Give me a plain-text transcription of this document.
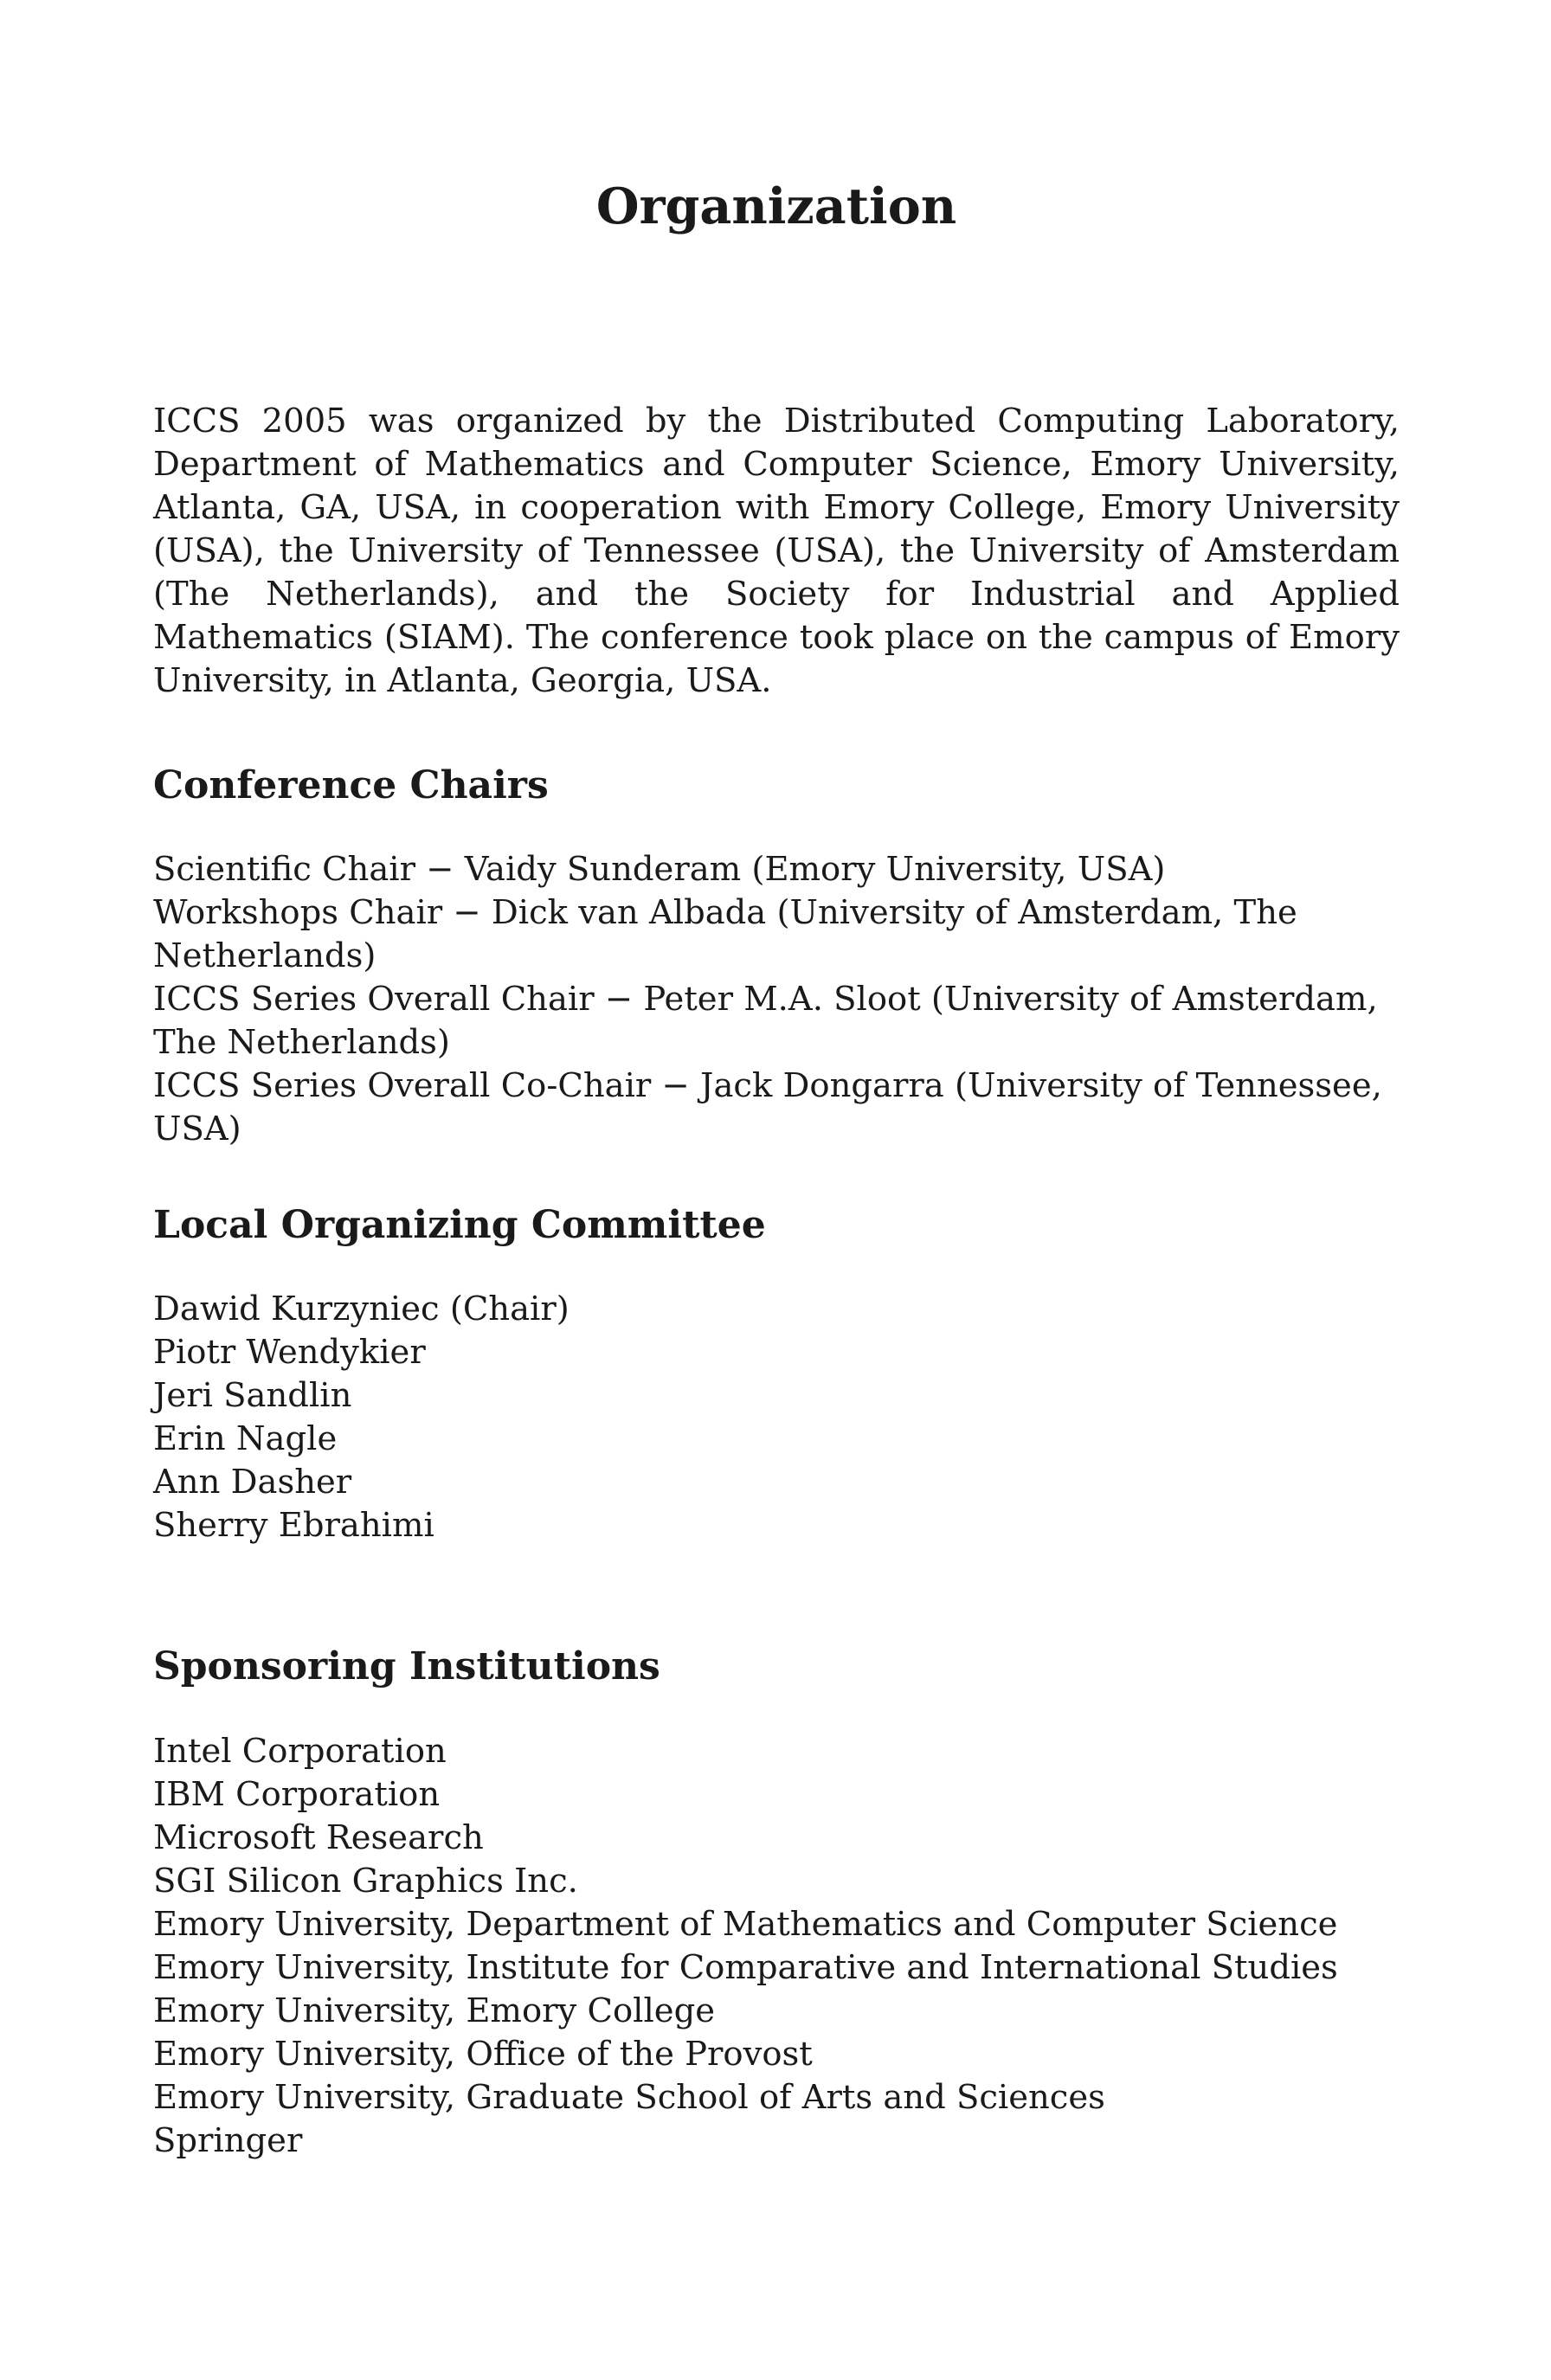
Organization

ICCS 2005 was organized by the Distributed Computing Laboratory, Department of Mathematics and Computer Science, Emory University, Atlanta, GA, USA, in cooperation with Emory College, Emory University (USA), the University of Tennessee (USA), the University of Amsterdam (The Netherlands), and the Society for Industrial and Applied Mathematics (SIAM). The conference took place on the campus of Emory University, in Atlanta, Georgia, USA.

Conference Chairs
Scientific Chair − Vaidy Sunderam (Emory University, USA)
Workshops Chair − Dick van Albada (University of Amsterdam, The Netherlands)
ICCS Series Overall Chair − Peter M.A. Sloot (University of Amsterdam, The Netherlands)
ICCS Series Overall Co-Chair − Jack Dongarra (University of Tennessee, USA)
Local Organizing Committee
Dawid Kurzyniec (Chair)
Piotr Wendykier
Jeri Sandlin
Erin Nagle
Ann Dasher
Sherry Ebrahimi
Sponsoring Institutions
Intel Corporation
IBM Corporation
Microsoft Research
SGI Silicon Graphics Inc.
Emory University, Department of Mathematics and Computer Science
Emory University, Institute for Comparative and International Studies
Emory University, Emory College
Emory University, Office of the Provost
Emory University, Graduate School of Arts and Sciences
Springer
